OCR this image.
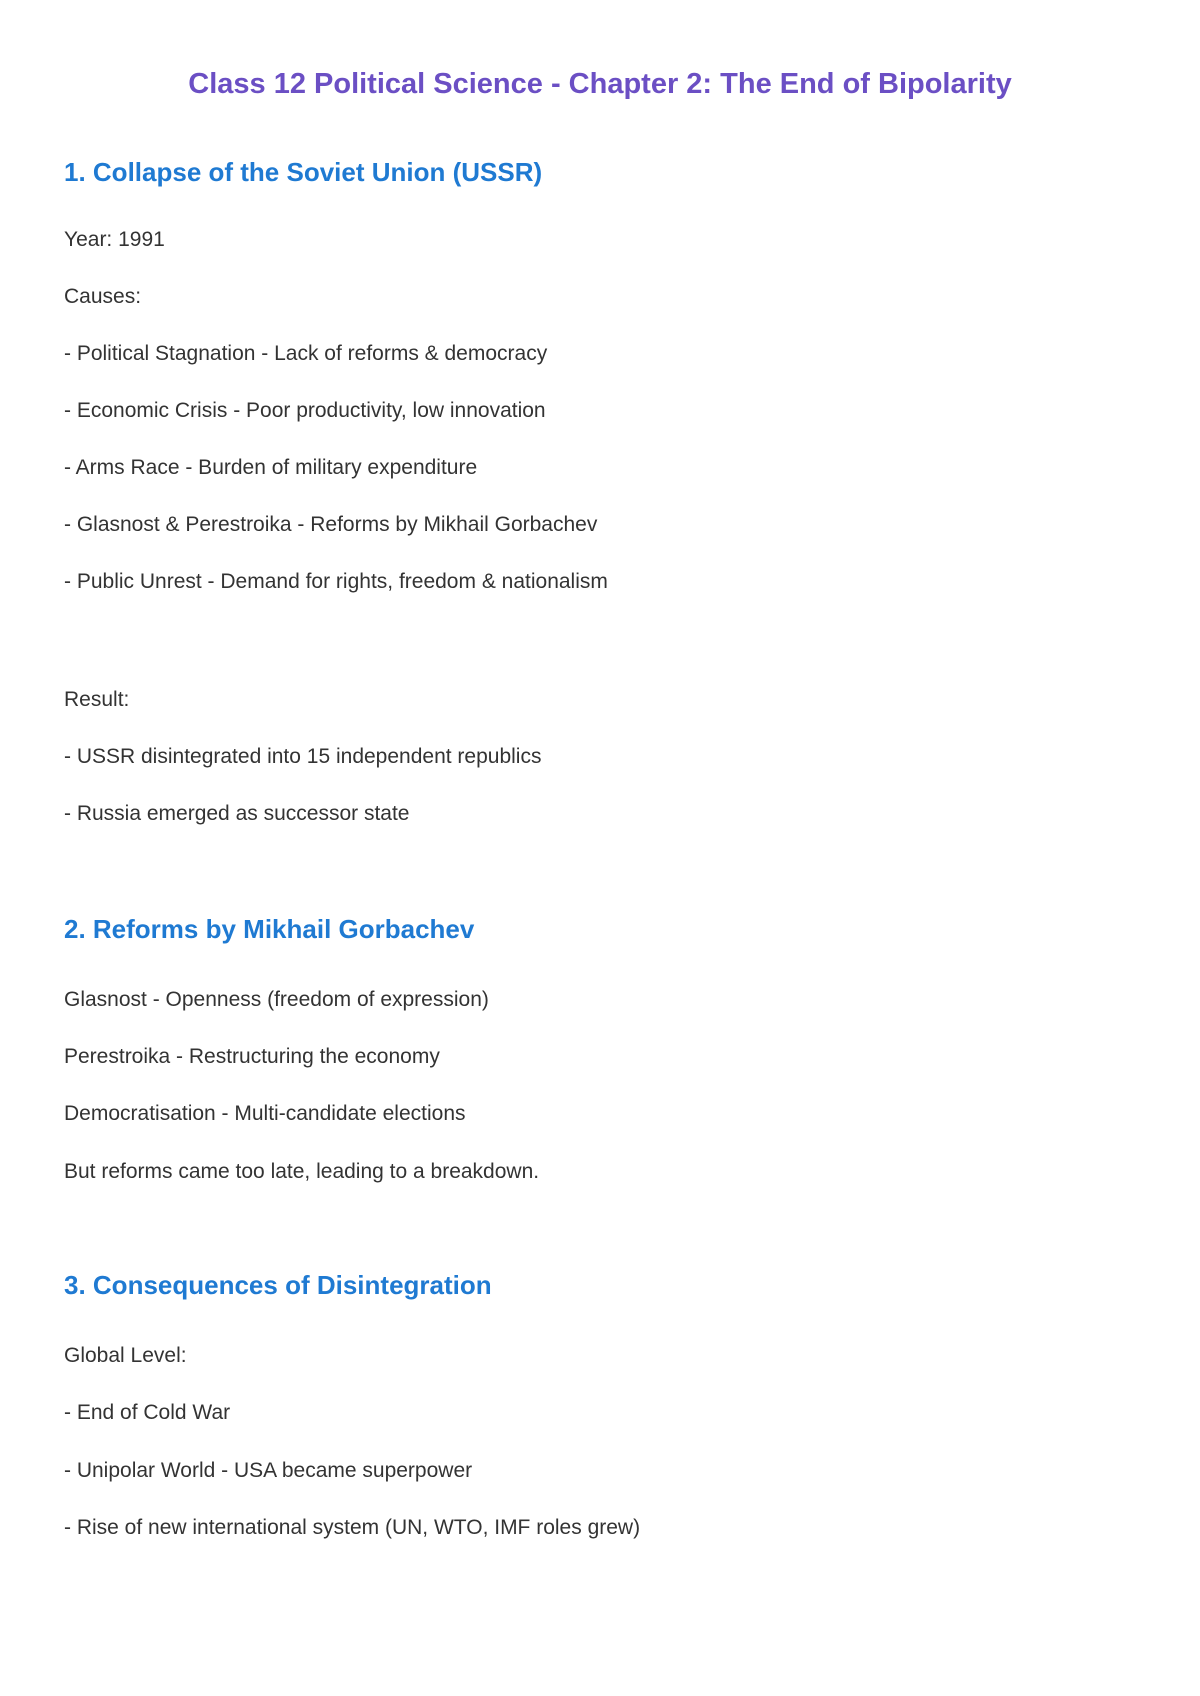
Class 12 Political Science - Chapter 2: The End of Bipolarity
1. Collapse of the Soviet Union (USSR)

Year: 1991

Causes:

- Political Stagnation - Lack of reforms & democracy

- Economic Crisis - Poor productivity, low innovation

- Arms Race - Burden of military expenditure

- Glasnost & Perestroika - Reforms by Mikhail Gorbachev

- Public Unrest - Demand for rights, freedom & nationalism

Result:

- USSR disintegrated into 15 independent republics

- Russia emerged as successor state

2. Reforms by Mikhail Gorbachev

Glasnost - Openness (freedom of expression)

Perestroika - Restructuring the economy

Democratisation - Multi-candidate elections

But reforms came too late, leading to a breakdown.

3. Consequences of Disintegration

Global Level:

- End of Cold War

- Unipolar World - USA became superpower

- Rise of new international system (UN, WTO, IMF roles grew)
